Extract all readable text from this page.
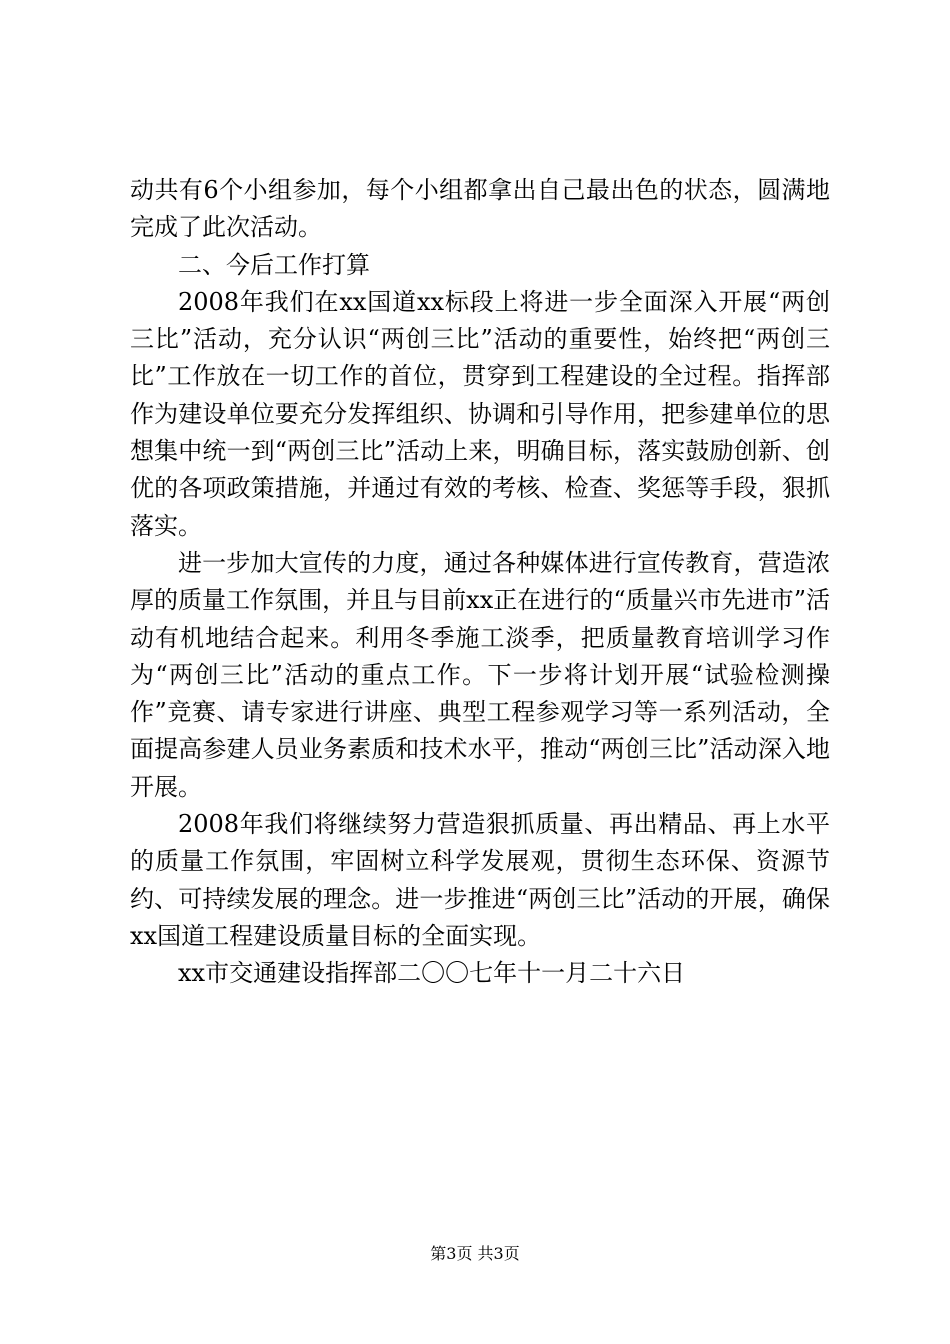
动共有6个小组参加，每个小组都拿出自己最出色的状态，圆满地完成了此次活动。

二、今后工作打算

2008年我们在xx国道xx标段上将进一步全面深入开展“两创三比”活动，充分认识“两创三比”活动的重要性，始终把“两创三比”工作放在一切工作的首位，贯穿到工程建设的全过程。指挥部作为建设单位要充分发挥组织、协调和引导作用，把参建单位的思想集中统一到“两创三比”活动上来，明确目标，落实鼓励创新、创优的各项政策措施，并通过有效的考核、检查、奖惩等手段，狠抓落实。

进一步加大宣传的力度，通过各种媒体进行宣传教育，营造浓厚的质量工作氛围，并且与目前xx正在进行的“质量兴市先进市”活动有机地结合起来。利用冬季施工淡季，把质量教育培训学习作为“两创三比”活动的重点工作。下一步将计划开展“试验检测操作”竞赛、请专家进行讲座、典型工程参观学习等一系列活动，全面提高参建人员业务素质和技术水平，推动“两创三比”活动深入地开展。

2008年我们将继续努力营造狠抓质量、再出精品、再上水平的质量工作氛围，牢固树立科学发展观，贯彻生态环保、资源节约、可持续发展的理念。进一步推进“两创三比”活动的开展，确保xx国道工程建设质量目标的全面实现。

xx市交通建设指挥部二〇〇七年十一月二十六日

第3页 共3页
